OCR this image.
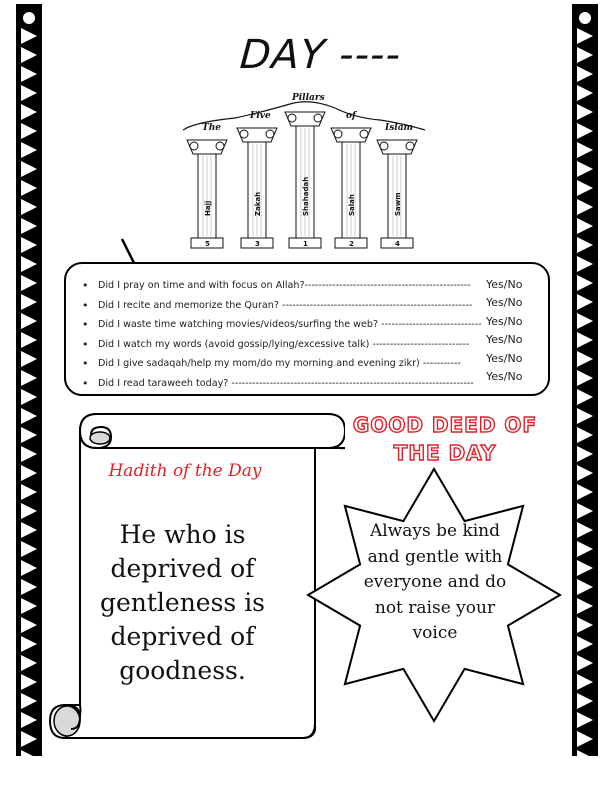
DAY ----
The
Five
Pillars
of
Islam
Hajj
5
Zakah
3
Shahadah
1
Salah
2
Sawm
4
• Did I pray on time and with focus on Allah?------------------------------------------------
• Did I recite and memorize the Quran? -------------------------------------------------------
• Did I waste time watching movies/videos/surfing the web? -----------------------------
• Did I watch my words (avoid gossip/lying/excessive talk) ----------------------------
• Did I give sadaqah/help my mom/do my morning and evening zikr) -----------
• Did I read taraweeh today? ----------------------------------------------------------------------
Yes/No
Yes/No
Yes/No
Yes/No
Yes/No
Yes/No
Hadith of the Day
He who is deprived of gentleness is deprived of goodness.
GOOD DEED OF THE DAY
Always be kind and gentle with everyone and do not raise your voice
